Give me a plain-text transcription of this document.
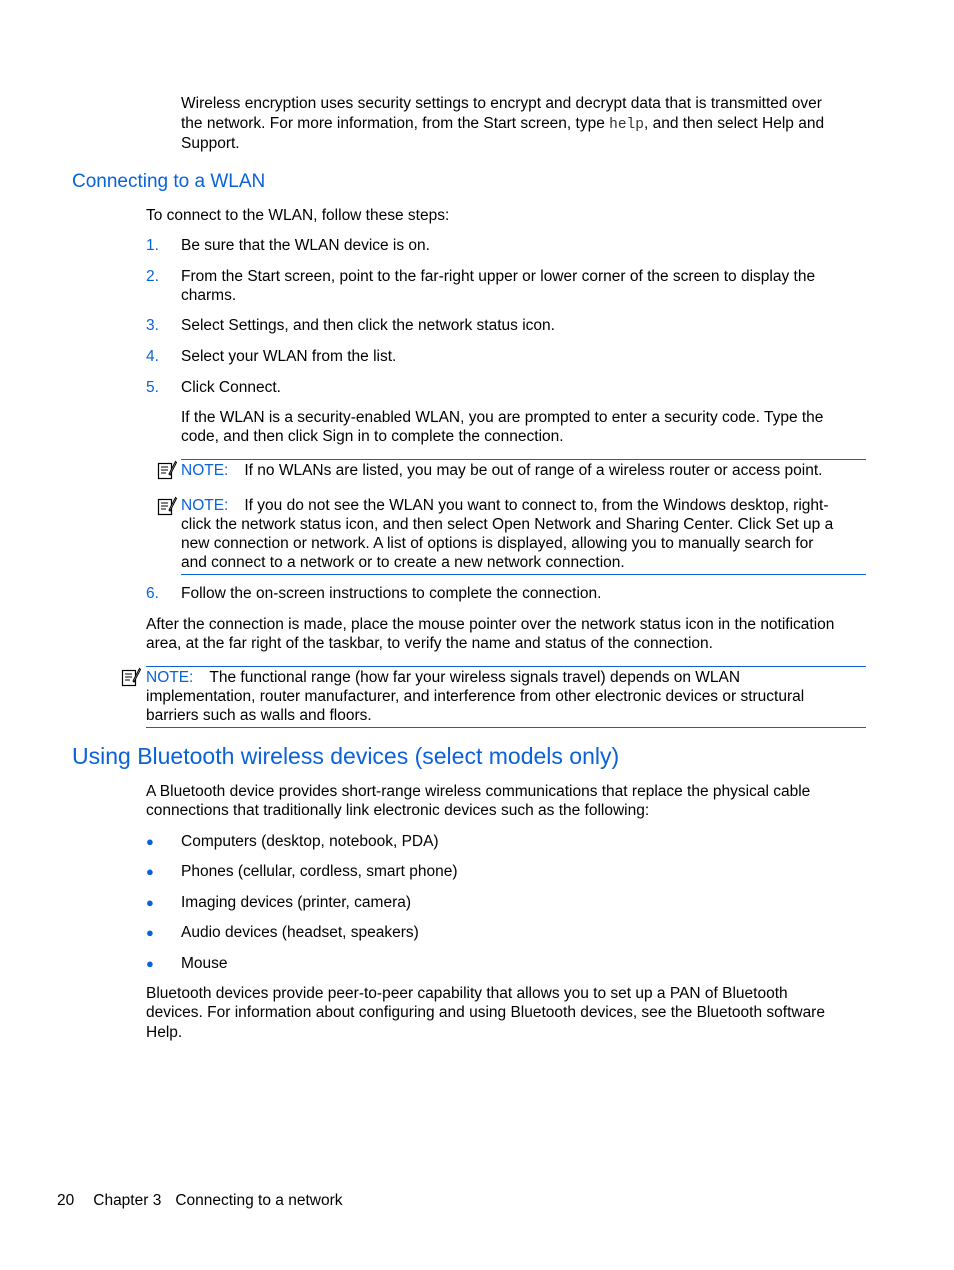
Wireless encryption uses security settings to encrypt and decrypt data that is transmitted over

the network. For more information, from the Start screen, type help, and then select Help and

Support.

Connecting to a WLAN

To connect to the WLAN, follow these steps:

1. Be sure that the WLAN device is on.

2. From the Start screen, point to the far-right upper or lower corner of the screen to display the

charms.

3. Select Settings, and then click the network status icon.

4. Select your WLAN from the list.

5. Click Connect.

If the WLAN is a security-enabled WLAN, you are prompted to enter a security code. Type the

code, and then click Sign in to complete the connection.

NOTE: If no WLANs are listed, you may be out of range of a wireless router or access point.

NOTE: If you do not see the WLAN you want to connect to, from the Windows desktop, right-

click the network status icon, and then select Open Network and Sharing Center. Click Set up a

new connection or network. A list of options is displayed, allowing you to manually search for

and connect to a network or to create a new network connection.

6. Follow the on-screen instructions to complete the connection.

After the connection is made, place the mouse pointer over the network status icon in the notification

area, at the far right of the taskbar, to verify the name and status of the connection.

NOTE: The functional range (how far your wireless signals travel) depends on WLAN

implementation, router manufacturer, and interference from other electronic devices or structural

barriers such as walls and floors.

Using Bluetooth wireless devices (select models only)

A Bluetooth device provides short-range wireless communications that replace the physical cable

connections that traditionally link electronic devices such as the following:

● Computers (desktop, notebook, PDA)

● Phones (cellular, cordless, smart phone)

● Imaging devices (printer, camera)

● Audio devices (headset, speakers)

● Mouse

Bluetooth devices provide peer-to-peer capability that allows you to set up a PAN of Bluetooth

devices. For information about configuring and using Bluetooth devices, see the Bluetooth software

Help.

20 Chapter 3 Connecting to a network
